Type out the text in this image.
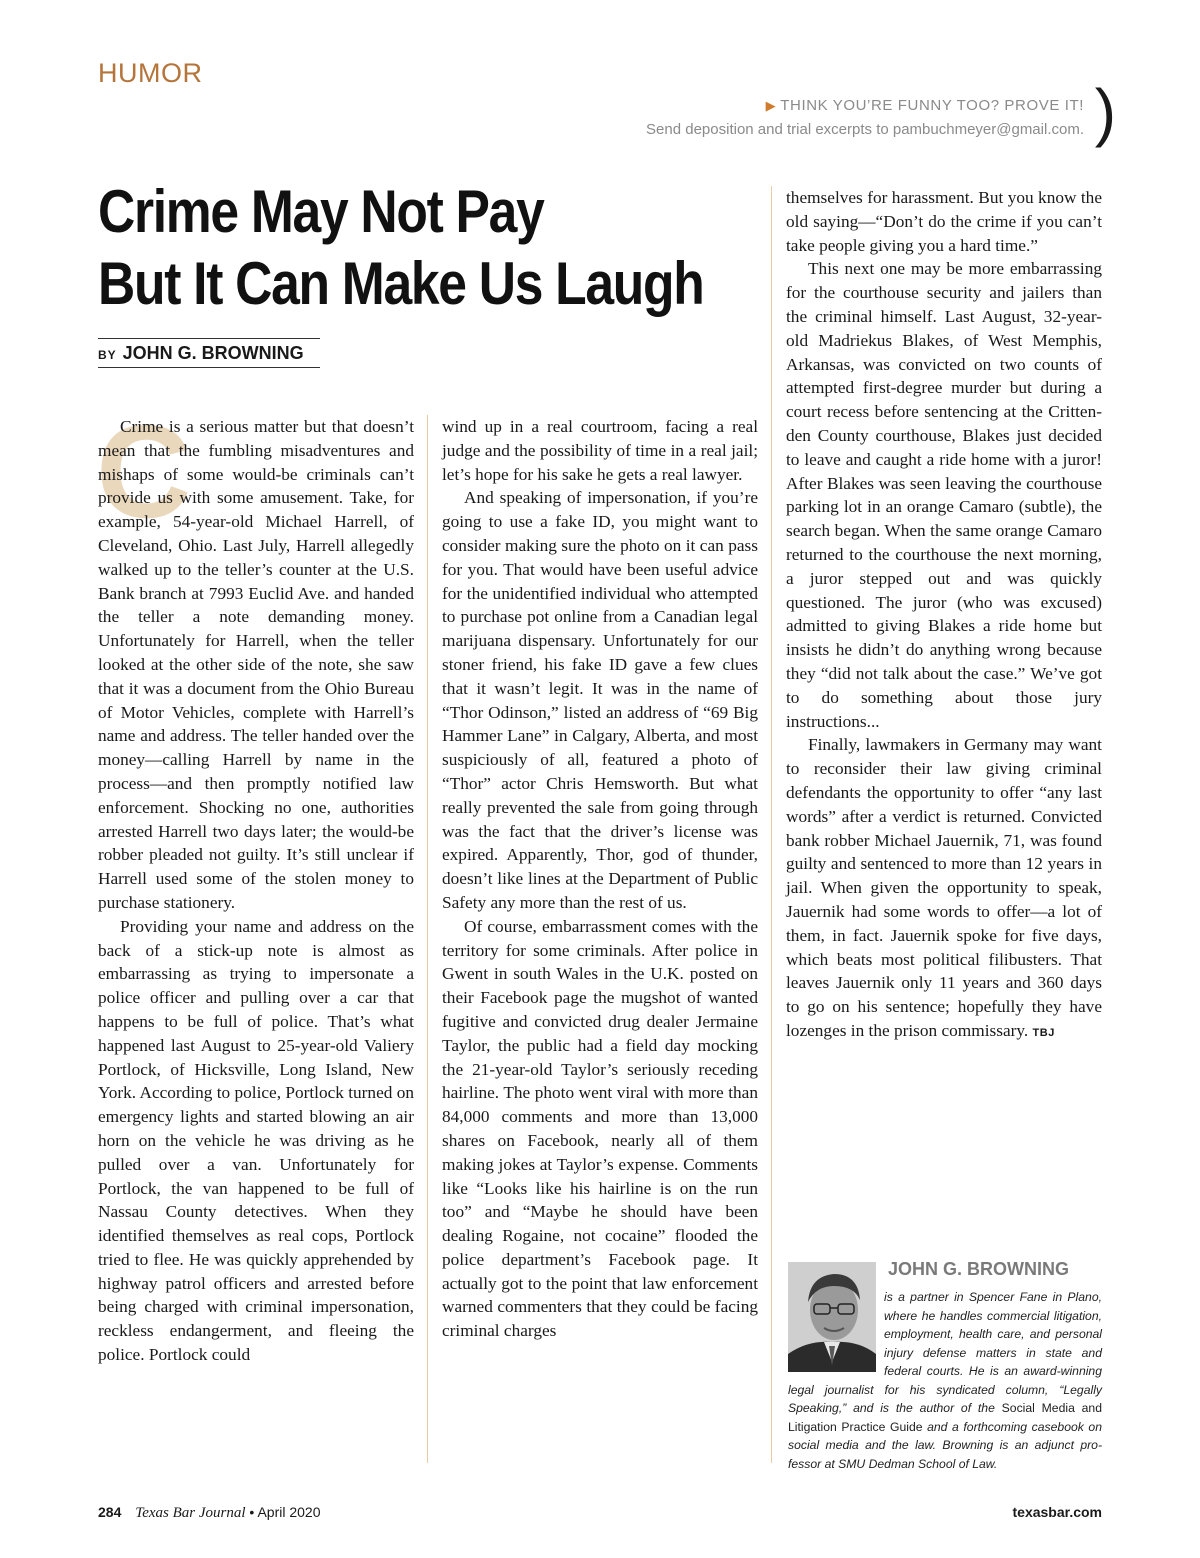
HUMOR
▶ THINK YOU’RE FUNNY TOO? PROVE IT!
Send deposition and trial excerpts to pambuchmeyer@gmail.com. )
Crime May Not Pay
But It Can Make Us Laugh
BY JOHN G. BROWNING
C

Crime is a serious matter but that doesn’t mean that the fumbling misadventures and mishaps of some would-be criminals can’t provide us with some amusement. Take, for example, 54-year-old Michael Harrell, of Cleveland, Ohio. Last July, Harrell allegedly walked up to the teller’s counter at the U.S. Bank branch at 7993 Euclid Ave. and handed the teller a note demanding money. Unfortunately for Harrell, when the teller looked at the other side of the note, she saw that it was a document from the Ohio Bureau of Motor Vehicles, complete with Harrell’s name and address. The teller handed over the money—calling Harrell by name in the process—and then promptly notified law enforcement. Shocking no one, authorities arrested Harrell two days later; the would-be robber pleaded not guilty. It’s still unclear if Harrell used some of the stolen money to purchase stationery.

Providing your name and address on the back of a stick-up note is almost as embarrassing as trying to impersonate a police officer and pulling over a car that happens to be full of police. That’s what happened last August to 25-year-old Valiery Portlock, of Hicksville, Long Island, New York. According to police, Portlock turned on emergency lights and started blowing an air horn on the vehicle he was driving as he pulled over a van. Unfortunately for Portlock, the van happened to be full of Nassau County detectives. When they identified themselves as real cops, Portlock tried to flee. He was quickly apprehended by highway patrol officers and arrested before being charged with criminal impersonation, reckless endangerment, and fleeing the police. Portlock could

wind up in a real courtroom, facing a real judge and the possibility of time in a real jail; let’s hope for his sake he gets a real lawyer.

And speaking of impersonation, if you’re going to use a fake ID, you might want to consider making sure the photo on it can pass for you. That would have been useful advice for the unidentified individual who attempted to purchase pot online from a Canadian legal marijuana dispensary. Unfortunately for our stoner friend, his fake ID gave a few clues that it wasn’t legit. It was in the name of “Thor Odinson,” listed an address of “69 Big Hammer Lane” in Calgary, Alberta, and most suspiciously of all, featured a photo of “Thor” actor Chris Hemsworth. But what really prevented the sale from going through was the fact that the driver’s license was expired. Apparently, Thor, god of thunder, doesn’t like lines at the Department of Public Safety any more than the rest of us.

Of course, embarrassment comes with the territory for some criminals. After police in Gwent in south Wales in the U.K. posted on their Facebook page the mugshot of wanted fugitive and convicted drug dealer Jermaine Taylor, the public had a field day mocking the 21-year-old Taylor’s seriously receding hairline. The photo went viral with more than 84,000 comments and more than 13,000 shares on Facebook, nearly all of them making jokes at Taylor’s expense. Comments like “Looks like his hairline is on the run too” and “Maybe he should have been dealing Rogaine, not cocaine” flooded the police department’s Facebook page. It actually got to the point that law enforcement warned commenters that they could be facing criminal charges

themselves for harassment. But you know the old saying—“Don’t do the crime if you can’t take people giving you a hard time.”

This next one may be more embarrassing for the courthouse security and jailers than the criminal himself. Last August, 32-year-old Madriekus Blakes, of West Memphis, Arkansas, was convicted on two counts of attempted first-degree murder but during a court recess before sentencing at the Crittenden County courthouse, Blakes just decided to leave and caught a ride home with a juror! After Blakes was seen leaving the courthouse parking lot in an orange Camaro (subtle), the search began. When the same orange Camaro returned to the courthouse the next morning, a juror stepped out and was quickly questioned. The juror (who was excused) admitted to giving Blakes a ride home but insists he didn’t do anything wrong because they “did not talk about the case.” We’ve got to do something about those jury instructions...

Finally, lawmakers in Germany may want to reconsider their law giving criminal defendants the opportunity to offer “any last words” after a verdict is returned. Convicted bank robber Michael Jauernik, 71, was found guilty and sentenced to more than 12 years in jail. When given the opportunity to speak, Jauernik had some words to offer—a lot of them, in fact. Jauernik spoke for five days, which beats most political filibusters. That leaves Jauernik only 11 years and 360 days to go on his sentence; hopefully they have lozenges in the prison commissary. TBJ

JOHN G. BROWNING
is a partner in Spencer Fane in Plano, where he handles commercial litigation, employment, health care, and personal injury defense matters in state and federal courts. He is an award-winning legal journalist for his syndicated column, “Legally Speaking,” and is the author of the Social Media and Litigation Practice Guide and a forthcoming casebook on social media and the law. Browning is an adjunct professor at SMU Dedman School of Law.
284 Texas Bar Journal • April 2020	texasbar.com
